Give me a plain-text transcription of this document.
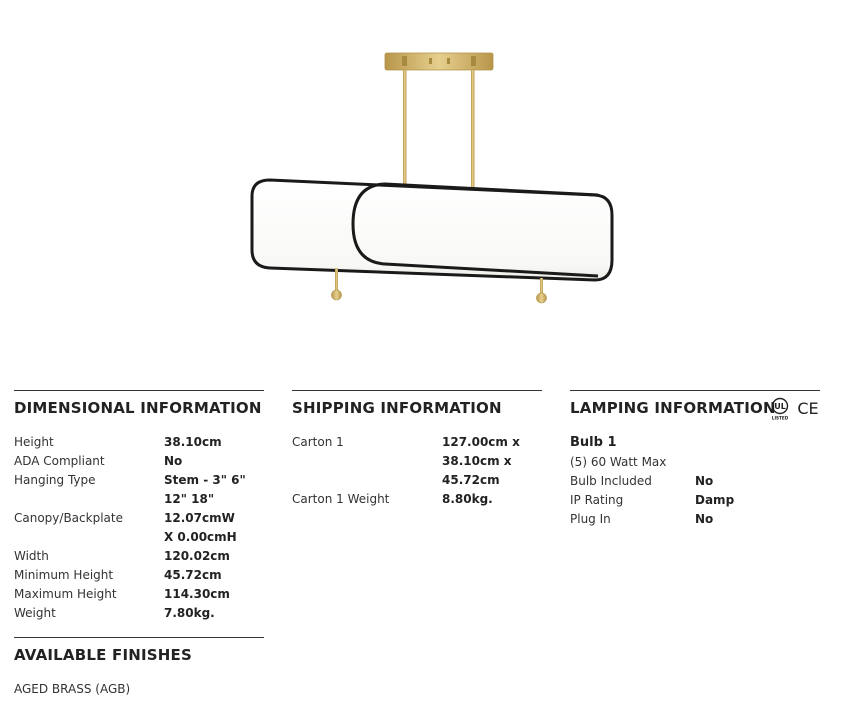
DIMENSIONAL INFORMATION
Height	38.10cm
ADA Compliant	No
Hanging Type	Stem - 3" 6" 12" 18"
Canopy/Backplate	12.07cmW X 0.00cmH
Width	120.02cm
Minimum Height	45.72cm
Maximum Height	114.30cm
Weight	7.80kg.
SHIPPING INFORMATION
Carton 1	127.00cm x 38.10cm x 45.72cm
Carton 1 Weight	8.80kg.
LAMPING INFORMATION
Bulb 1
(5) 60 Watt Max
Bulb Included	No
IP Rating	Damp
Plug In	No
UL
LISTED CE
AVAILABLE FINISHES
AGED BRASS (AGB)
